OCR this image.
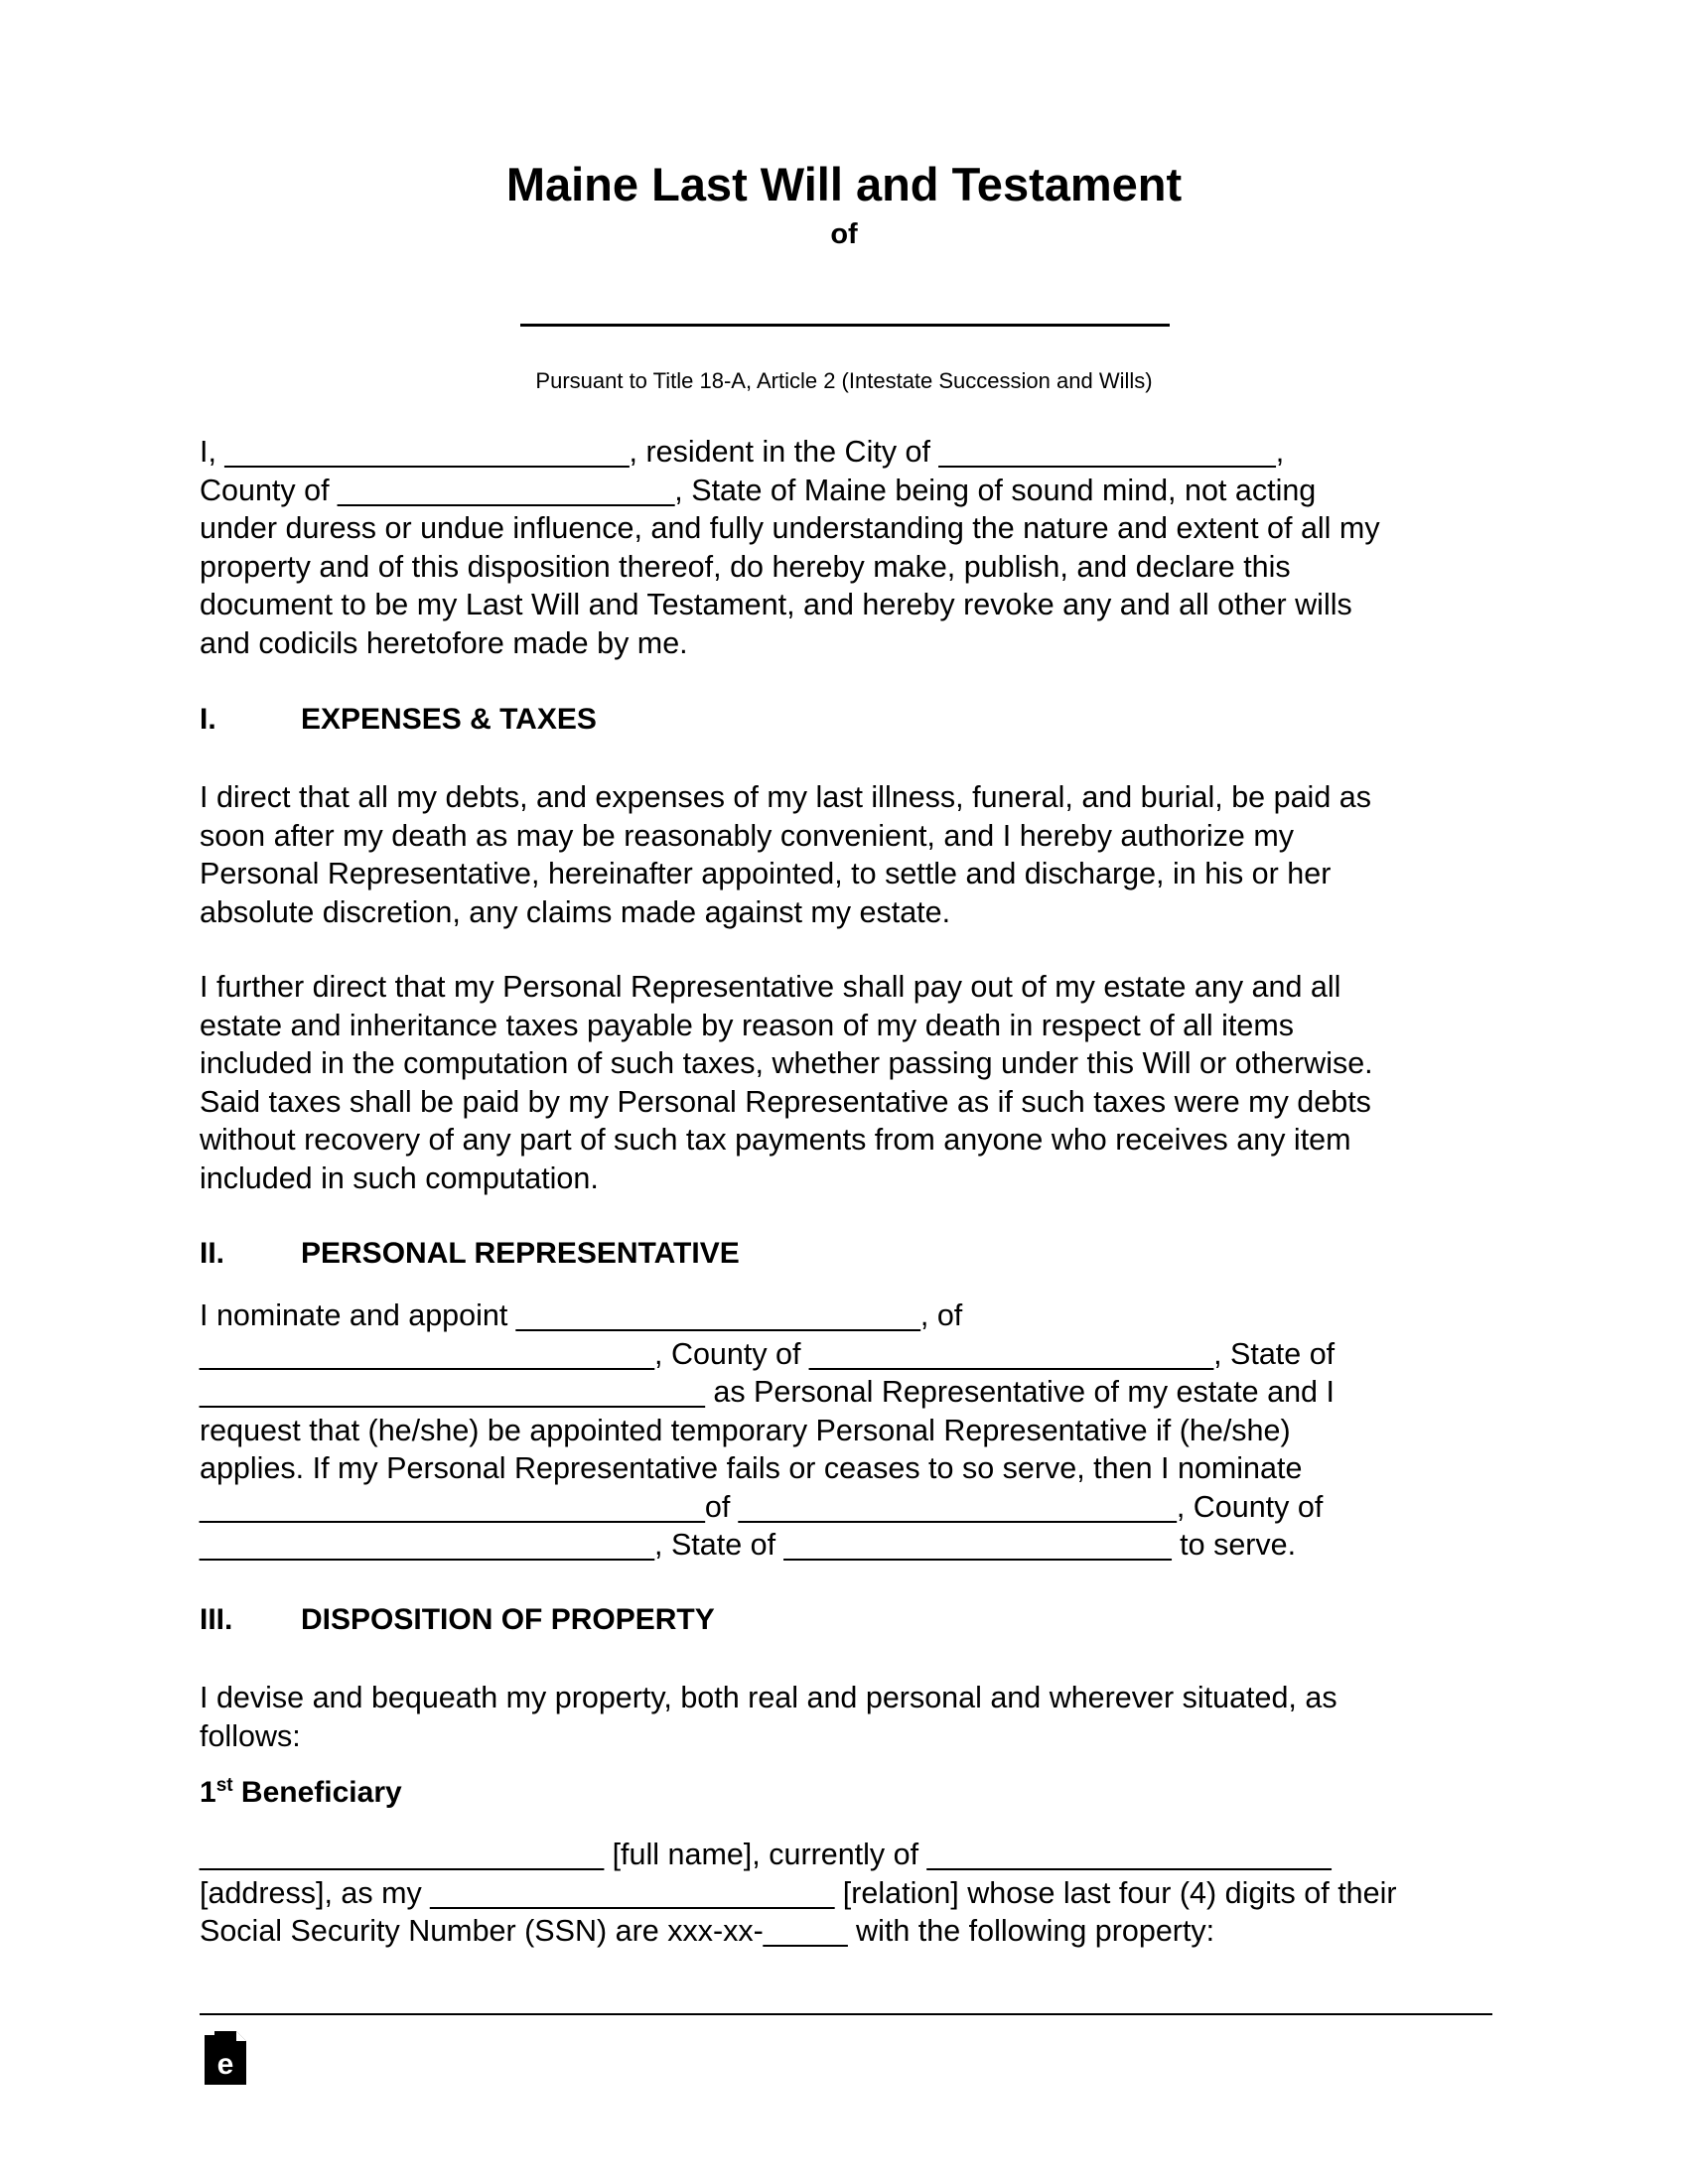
Maine Last Will and Testament
of
Pursuant to Title 18-A, Article 2 (Intestate Succession and Wills)
I, ________________________, resident in the City of ____________________,
County of ____________________, State of Maine being of sound mind, not acting
under duress or undue influence, and fully understanding the nature and extent of all my
property and of this disposition thereof, do hereby make, publish, and declare this
document to be my Last Will and Testament, and hereby revoke any and all other wills
and codicils heretofore made by me.
I.	EXPENSES & TAXES
I direct that all my debts, and expenses of my last illness, funeral, and burial, be paid as
soon after my death as may be reasonably convenient, and I hereby authorize my
Personal Representative, hereinafter appointed, to settle and discharge, in his or her
absolute discretion, any claims made against my estate.
I further direct that my Personal Representative shall pay out of my estate any and all
estate and inheritance taxes payable by reason of my death in respect of all items
included in the computation of such taxes, whether passing under this Will or otherwise.
Said taxes shall be paid by my Personal Representative as if such taxes were my debts
without recovery of any part of such tax payments from anyone who receives any item
included in such computation.
II.	PERSONAL REPRESENTATIVE
I nominate and appoint ________________________, of
___________________________, County of ________________________, State of
______________________________ as Personal Representative of my estate and I
request that (he/she) be appointed temporary Personal Representative if (he/she)
applies. If my Personal Representative fails or ceases to so serve, then I nominate
______________________________of __________________________, County of
___________________________, State of _______________________ to serve.
III. DISPOSITION OF PROPERTY
I devise and bequeath my property, both real and personal and wherever situated, as
follows:
1st Beneficiary
________________________ [full name], currently of ________________________
[address], as my ________________________ [relation] whose last four (4) digits of their
Social Security Number (SSN) are xxx-xx-_____ with the following property:
e
